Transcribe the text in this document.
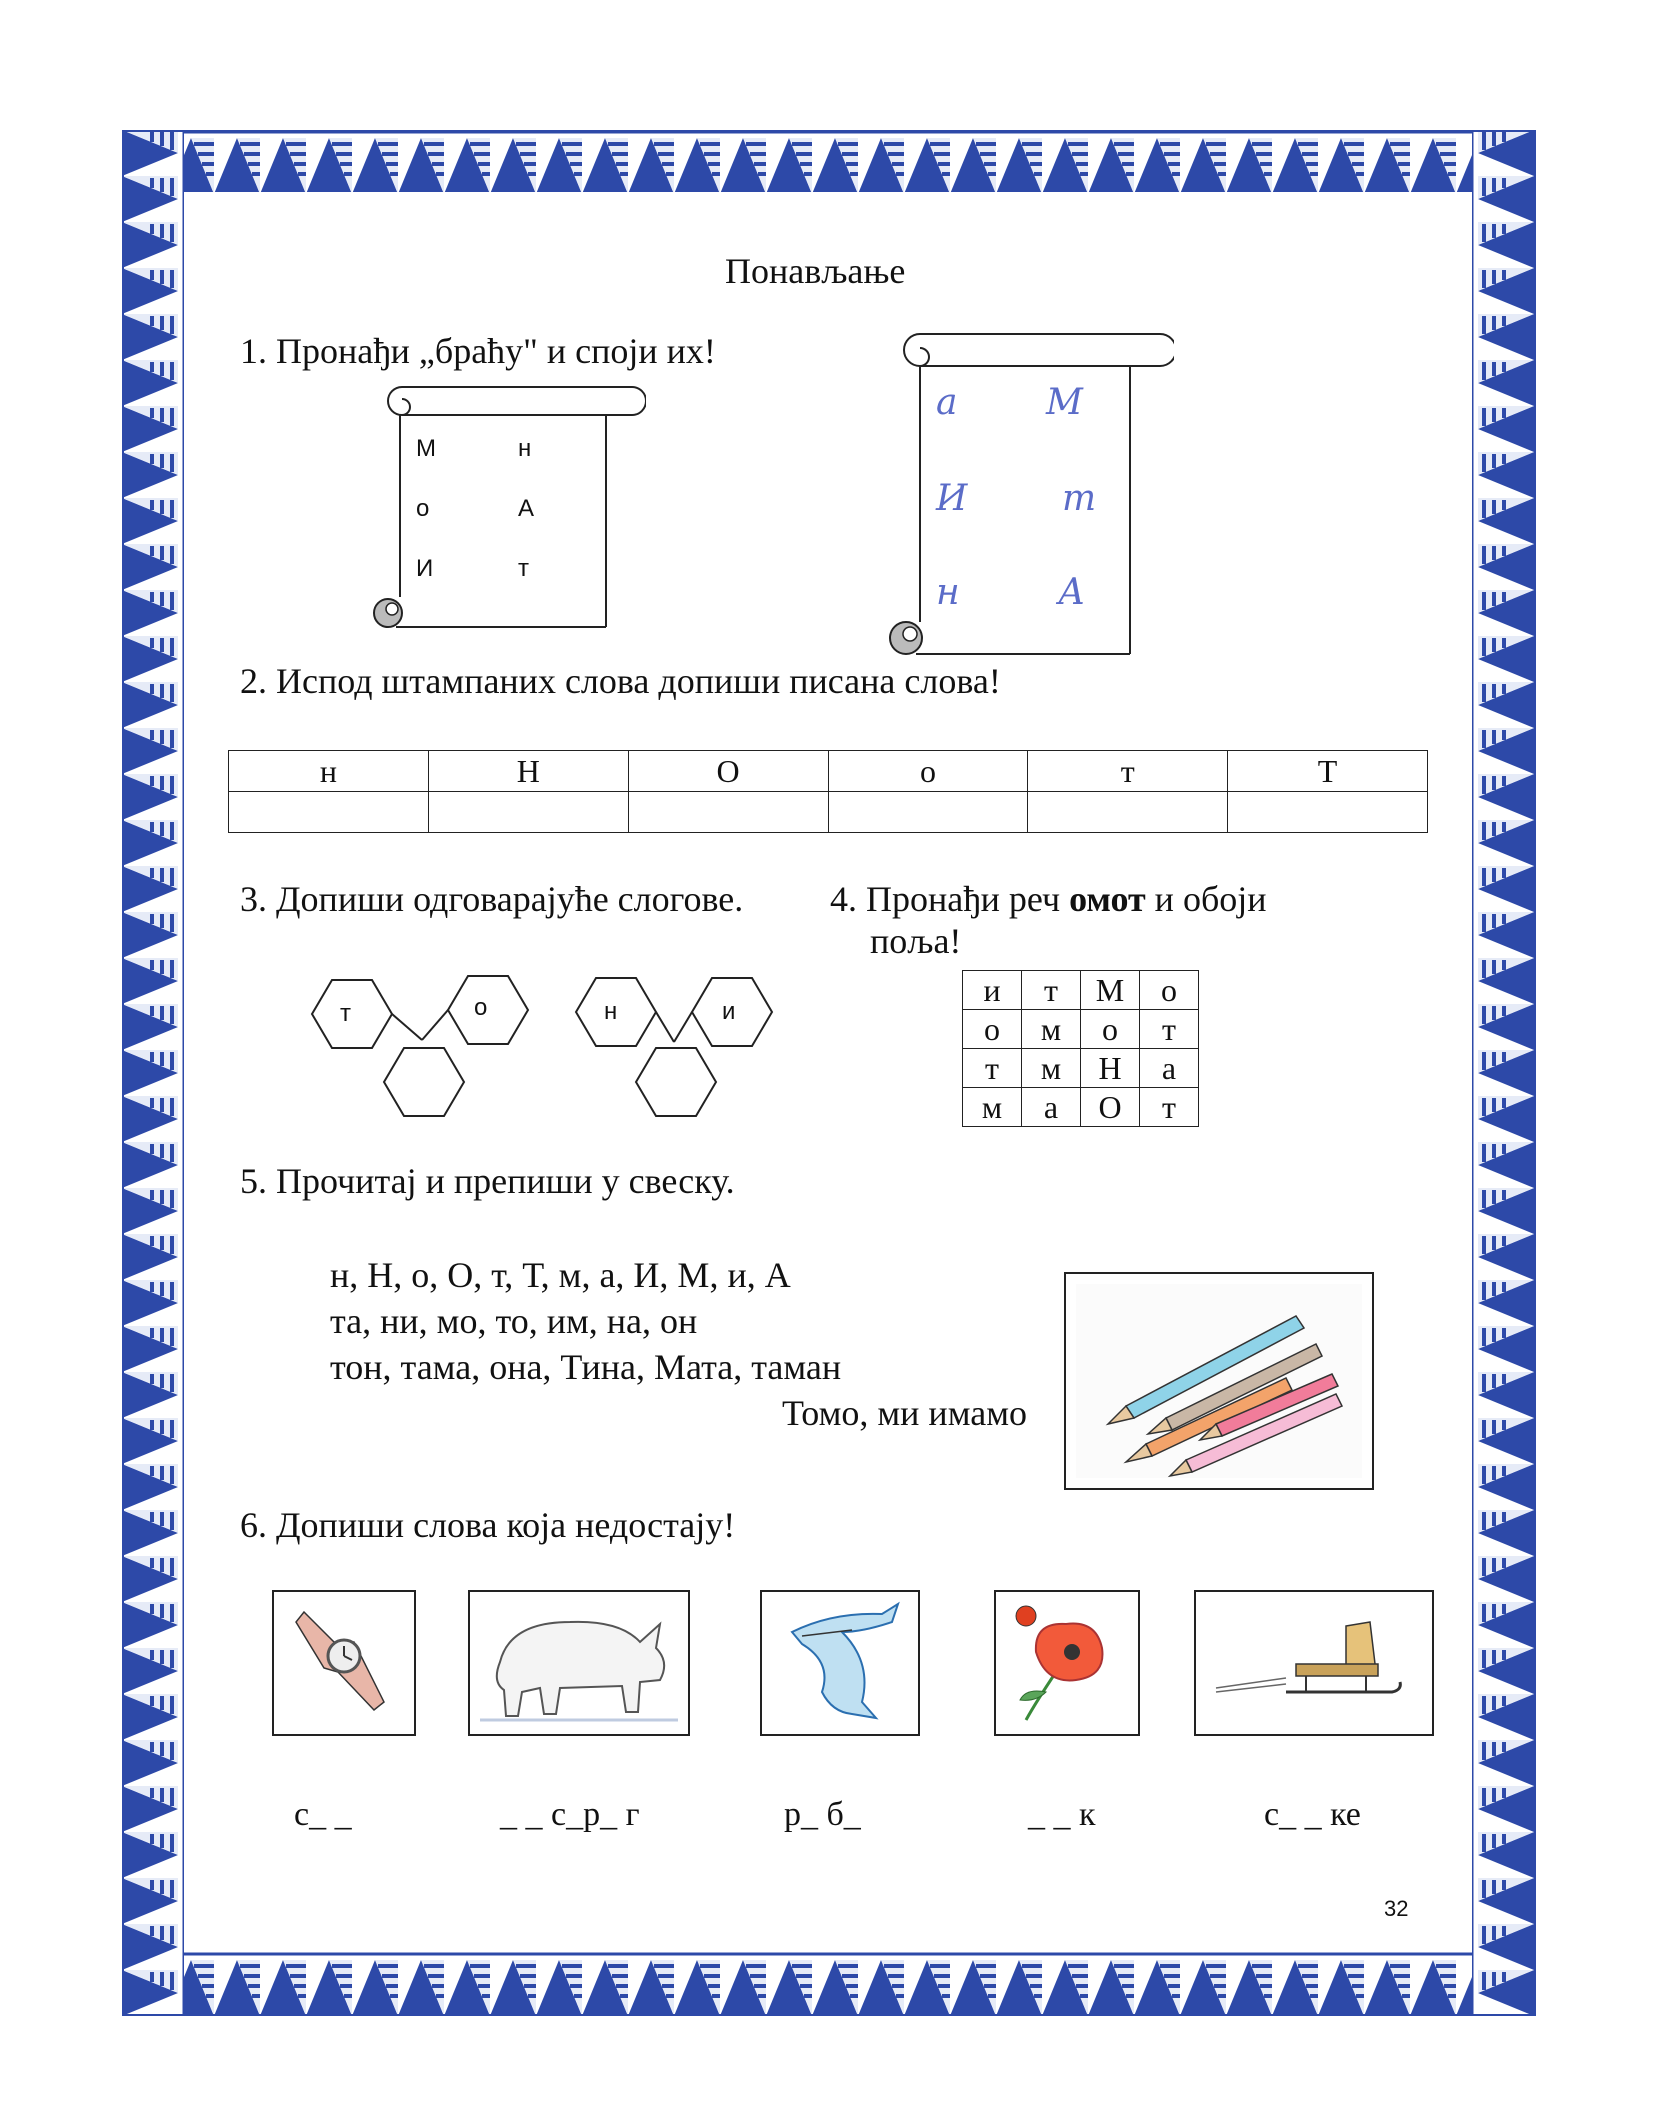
Понављање
1. Пронађи „браћу" и споји их!
М	н
о	А
И	т
а М
И	т
н	А
2. Испод штампаних слова допиши писана слова!
н	Н	О	о	т	Т

3. Допиши одговарајуће слогове.
т	о	н	и
4. Пронађи реч омот и обоји
поља!
и	т	М	о
о	м	о	т
т	м	Н	а
м	а	О	т
5. Прочитај и препиши у свеску.
н, Н, о, О, т, Т, м, а, И, М, и, А
та, ни, мо, то, им, на, он
тон, тама, она, Тина, Мата, таман
Томо, ми имамо
6. Допиши слова која недостају!
с_ _	_ _ с_р_ г	р_ б_	_ _ к	с_ _ ке
32
